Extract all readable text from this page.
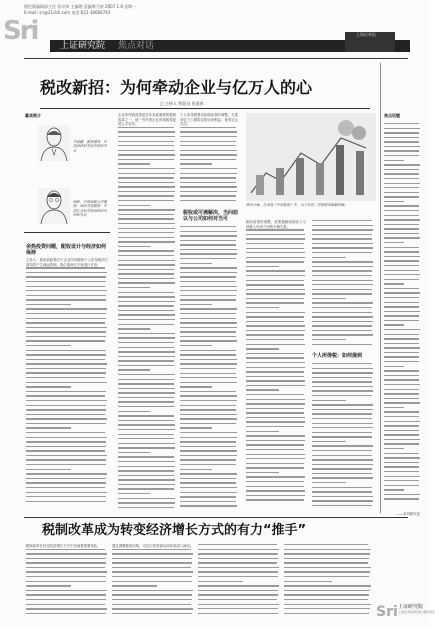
理论版编辑部主任 张宗伟 主编理 责编柴乃荣 2007.1.8 星期一
E-mail: sri@21cbh.com 电话:021-38660783
Sri	上证研究院 焦点对话
上海证券报
税改新招：为何牵动企业与亿万人的心
□ 主持人 特派员 张嘉春
嘉宾简介
李晓鹏，教授博导，中国财政科学研究院研究员
顾新，中国财税大学教授，财政学院教授，中国社会科学院财政研究所研究员
余热投资问题，配收设计与经济如何保持
主持人：税收新政策对于企业所得税和个人所得税两方面均将产生深远影响，我们请两位专家进行讨论。
企业所得税改革是近年来最重要的税制改革之一，统一内外资企业所得税将促进公平竞争。
个人所得税费用扣除标准的调整，关系到亿万工薪阶层的切身利益，备受社会关注。
税收或可遇解决，当问前以与公司如何对当可
图为开始，在各地《中国税收》中，为今年的二季收税基础最终额。
税收政策的调整，需要兼顾财政收入与纳税人负担之间的平衡关系。
个人所得税：如何提到
焦点话题
——本刊研究室
税制改革成为转变经济增长方式的有力“推手”
税制改革在转变经济增长方式中扮演着重要角色。	通过调整税收结构，可以引导资源向高效率部门流动。
Sri 上证研究院
上海证券报研究院 理论研究
